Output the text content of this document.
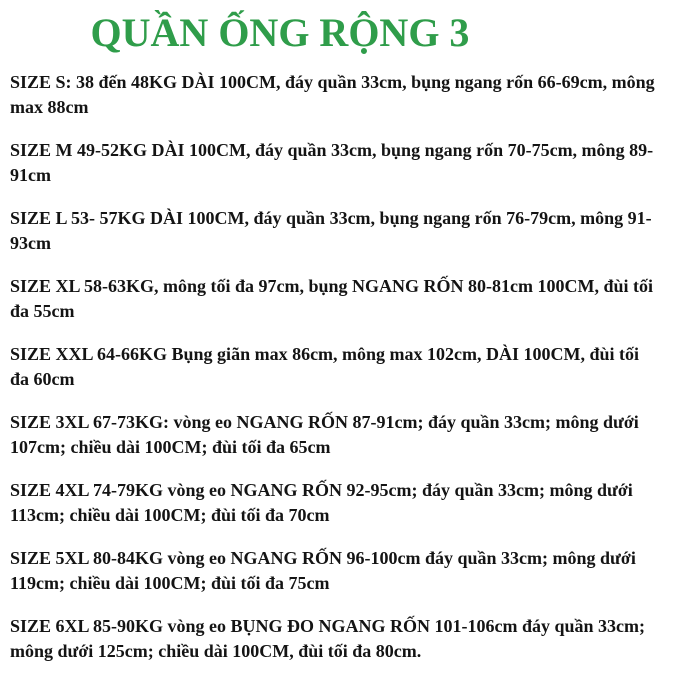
QUẦN ỐNG RỘNG 3

SIZE S: 38 đến 48KG DÀI 100CM, đáy quần 33cm, bụng ngang rốn 66-69cm, mông max 88cm

SIZE M 49-52KG DÀI 100CM, đáy quần 33cm, bụng ngang rốn 70-75cm, mông 89-91cm

SIZE L 53- 57KG DÀI 100CM, đáy quần 33cm, bụng ngang rốn 76-79cm, mông 91-93cm

SIZE XL 58-63KG, mông tối đa 97cm, bụng NGANG RỐN 80-81cm 100CM, đùi tối đa 55cm

SIZE XXL 64-66KG Bụng giãn max 86cm, mông max 102cm, DÀI 100CM, đùi tối đa 60cm

SIZE 3XL 67-73KG: vòng eo NGANG RỐN 87-91cm; đáy quần 33cm; mông dưới 107cm; chiều dài 100CM; đùi tối đa 65cm

SIZE 4XL 74-79KG vòng eo NGANG RỐN 92-95cm; đáy quần 33cm; mông dưới 113cm; chiều dài 100CM; đùi tối đa 70cm

SIZE 5XL 80-84KG vòng eo NGANG RỐN 96-100cm đáy quần 33cm; mông dưới 119cm; chiều dài 100CM; đùi tối đa 75cm

SIZE 6XL 85-90KG vòng eo BỤNG ĐO NGANG RỐN 101-106cm đáy quần 33cm; mông dưới 125cm; chiều dài 100CM, đùi tối đa 80cm.
